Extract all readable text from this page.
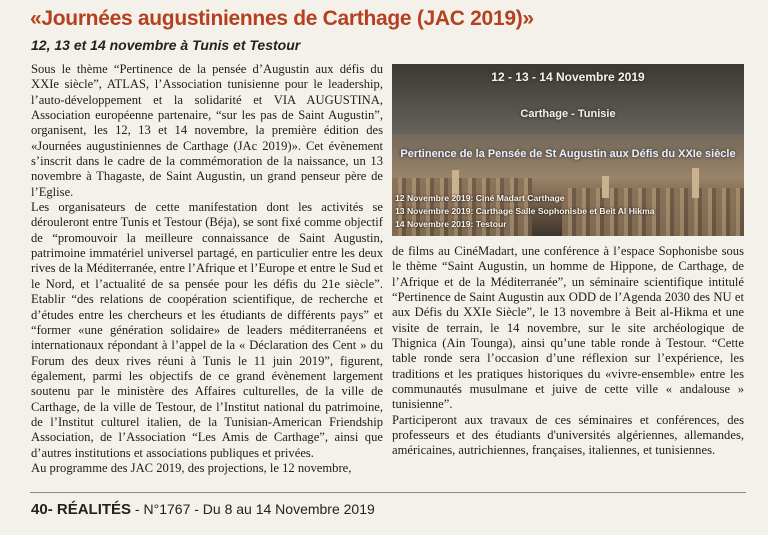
«Journées augustiniennes de Carthage (JAC 2019)»
12, 13 et 14 novembre à Tunis et Testour

Sous le thème “Pertinence de la pensée d’Augustin aux défis du XXIe siècle”, ATLAS, l’Association tunisienne pour le leadership, l’auto-développement et la solidarité et VIA AUGUSTINA, Association européenne partenaire, “sur les pas de Saint Augustin”, organisent, les 12, 13 et 14 novembre, la première édition des «Journées augustiniennes de Carthage (JAc 2019)». Cet évènement s’inscrit dans le cadre de la commémoration de la naissance, un 13 novembre à Thagaste, de Saint Augustin, un grand penseur père de l’Eglise.

Les organisateurs de cette manifestation dont les activités se dérouleront entre Tunis et Testour (Béja), se sont fixé comme objectif de “promouvoir la meilleure connaissance de Saint Augustin, patrimoine immatériel universel partagé, en particulier entre les deux rives de la Méditerranée, entre l’Afrique et l’Europe et entre le Sud et le Nord, et l’actualité de sa pensée pour les défis du 21e siècle”. Etablir “des relations de coopération scientifique, de recherche et d’études entre les chercheurs et les étudiants de différents pays” et “former «une génération solidaire» de leaders méditerranéens et internationaux répondant à l’appel de la « Déclaration des Cent » du Forum des deux rives réuni à Tunis le 11 juin 2019”, figurent, également, parmi les objectifs de ce grand évènement largement soutenu par le ministère des Affaires culturelles, de la ville de Carthage, de la ville de Testour, de l’Institut national du patrimoine, de l’Institut culturel italien, de la Tunisian-American Friendship Association, de l’Association “Les Amis de Carthage”, ainsi que d’autres institutions et associations publiques et privées.

Au programme des JAC 2019, des projections, le 12 novembre,

12 - 13 - 14 Novembre 2019
Carthage - Tunisie
Pertinence de la Pensée de St Augustin aux Défis du XXIe siècle
12 Novembre 2019: Ciné Madart Carthage
13 Novembre 2019: Carthage Salle Sophonisbe et Beit Al Hikma
14 Novembre 2019: Testour

de films au CinéMadart, une conférence à l’espace Sophonisbe sous le thème “Saint Augustin, un homme de Hippone, de Carthage, de l’Afrique et de la Méditerranée”, un séminaire scientifique intitulé “Pertinence de Saint Augustin aux ODD de l’Agenda 2030 des NU et aux Défis du XXIe Siècle”, le 13 novembre à Beit al-Hikma et une visite de terrain, le 14 novembre, sur le site archéologique de Thignica (Ain Tounga), ainsi qu’une table ronde à Testour. “Cette table ronde sera l’occasion d’une réflexion sur l’expérience, les traditions et les pratiques historiques du «vivre-ensemble» entre les communautés musulmane et juive de cette ville « andalouse » tunisienne”.

Participeront aux travaux de ces séminaires et conférences, des professeurs et des étudiants d'universités algériennes, allemandes, américaines, autrichiennes, françaises, italiennes, et tunisiennes.

40- RÉALITÉS - N°1767 - Du 8 au 14 Novembre 2019
